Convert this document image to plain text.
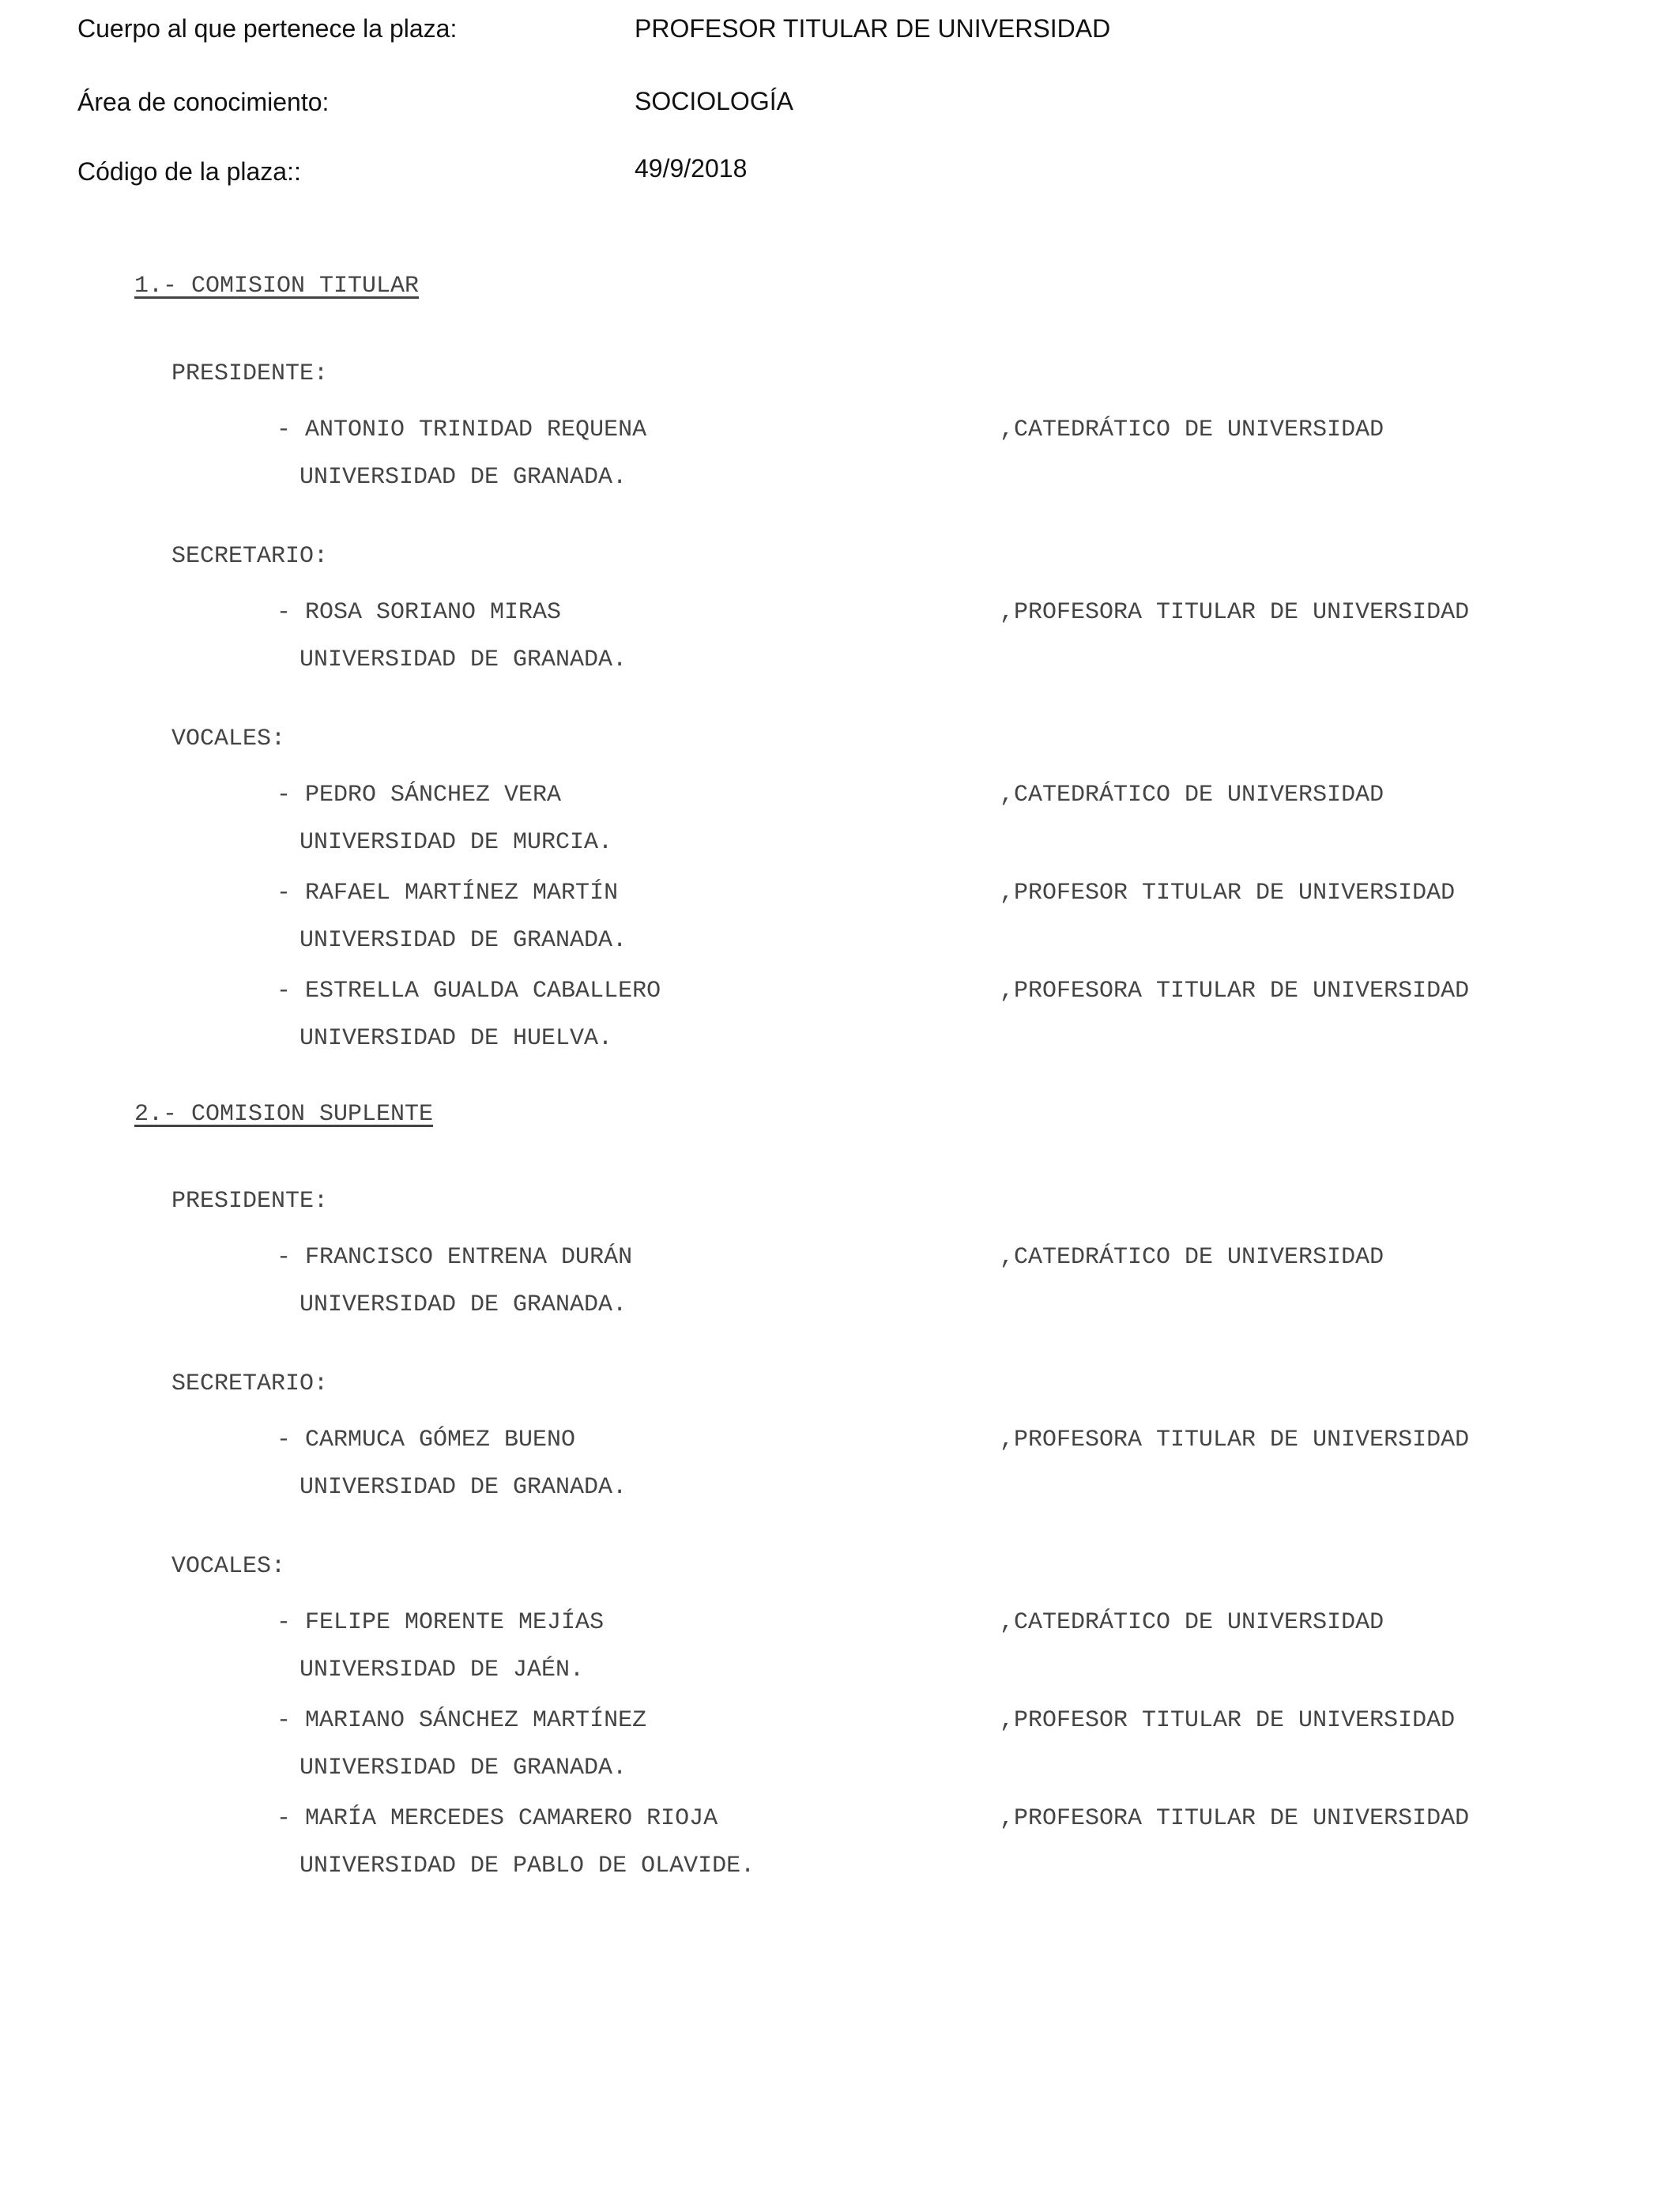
Cuerpo al que pertenece la plaza:	PROFESOR TITULAR DE UNIVERSIDAD
Área de conocimiento:	SOCIOLOGÍA
Código de la plaza::	49/9/2018
1.- COMISION TITULAR
PRESIDENTE:
- ANTONIO TRINIDAD REQUENA	,CATEDRÁTICO DE UNIVERSIDAD
UNIVERSIDAD DE GRANADA.
SECRETARIO:
- ROSA SORIANO MIRAS	,PROFESORA TITULAR DE UNIVERSIDAD
UNIVERSIDAD DE GRANADA.
VOCALES:
- PEDRO SÁNCHEZ VERA	,CATEDRÁTICO DE UNIVERSIDAD
UNIVERSIDAD DE MURCIA.
- RAFAEL MARTÍNEZ MARTÍN	,PROFESOR TITULAR DE UNIVERSIDAD
UNIVERSIDAD DE GRANADA.
- ESTRELLA GUALDA CABALLERO	,PROFESORA TITULAR DE UNIVERSIDAD
UNIVERSIDAD DE HUELVA.
2.- COMISION SUPLENTE
PRESIDENTE:
- FRANCISCO ENTRENA DURÁN	,CATEDRÁTICO DE UNIVERSIDAD
UNIVERSIDAD DE GRANADA.
SECRETARIO:
- CARMUCA GÓMEZ BUENO	,PROFESORA TITULAR DE UNIVERSIDAD
UNIVERSIDAD DE GRANADA.
VOCALES:
- FELIPE MORENTE MEJÍAS	,CATEDRÁTICO DE UNIVERSIDAD
UNIVERSIDAD DE JAÉN.
- MARIANO SÁNCHEZ MARTÍNEZ	,PROFESOR TITULAR DE UNIVERSIDAD
UNIVERSIDAD DE GRANADA.
- MARÍA MERCEDES CAMARERO RIOJA	,PROFESORA TITULAR DE UNIVERSIDAD
UNIVERSIDAD DE PABLO DE OLAVIDE.
